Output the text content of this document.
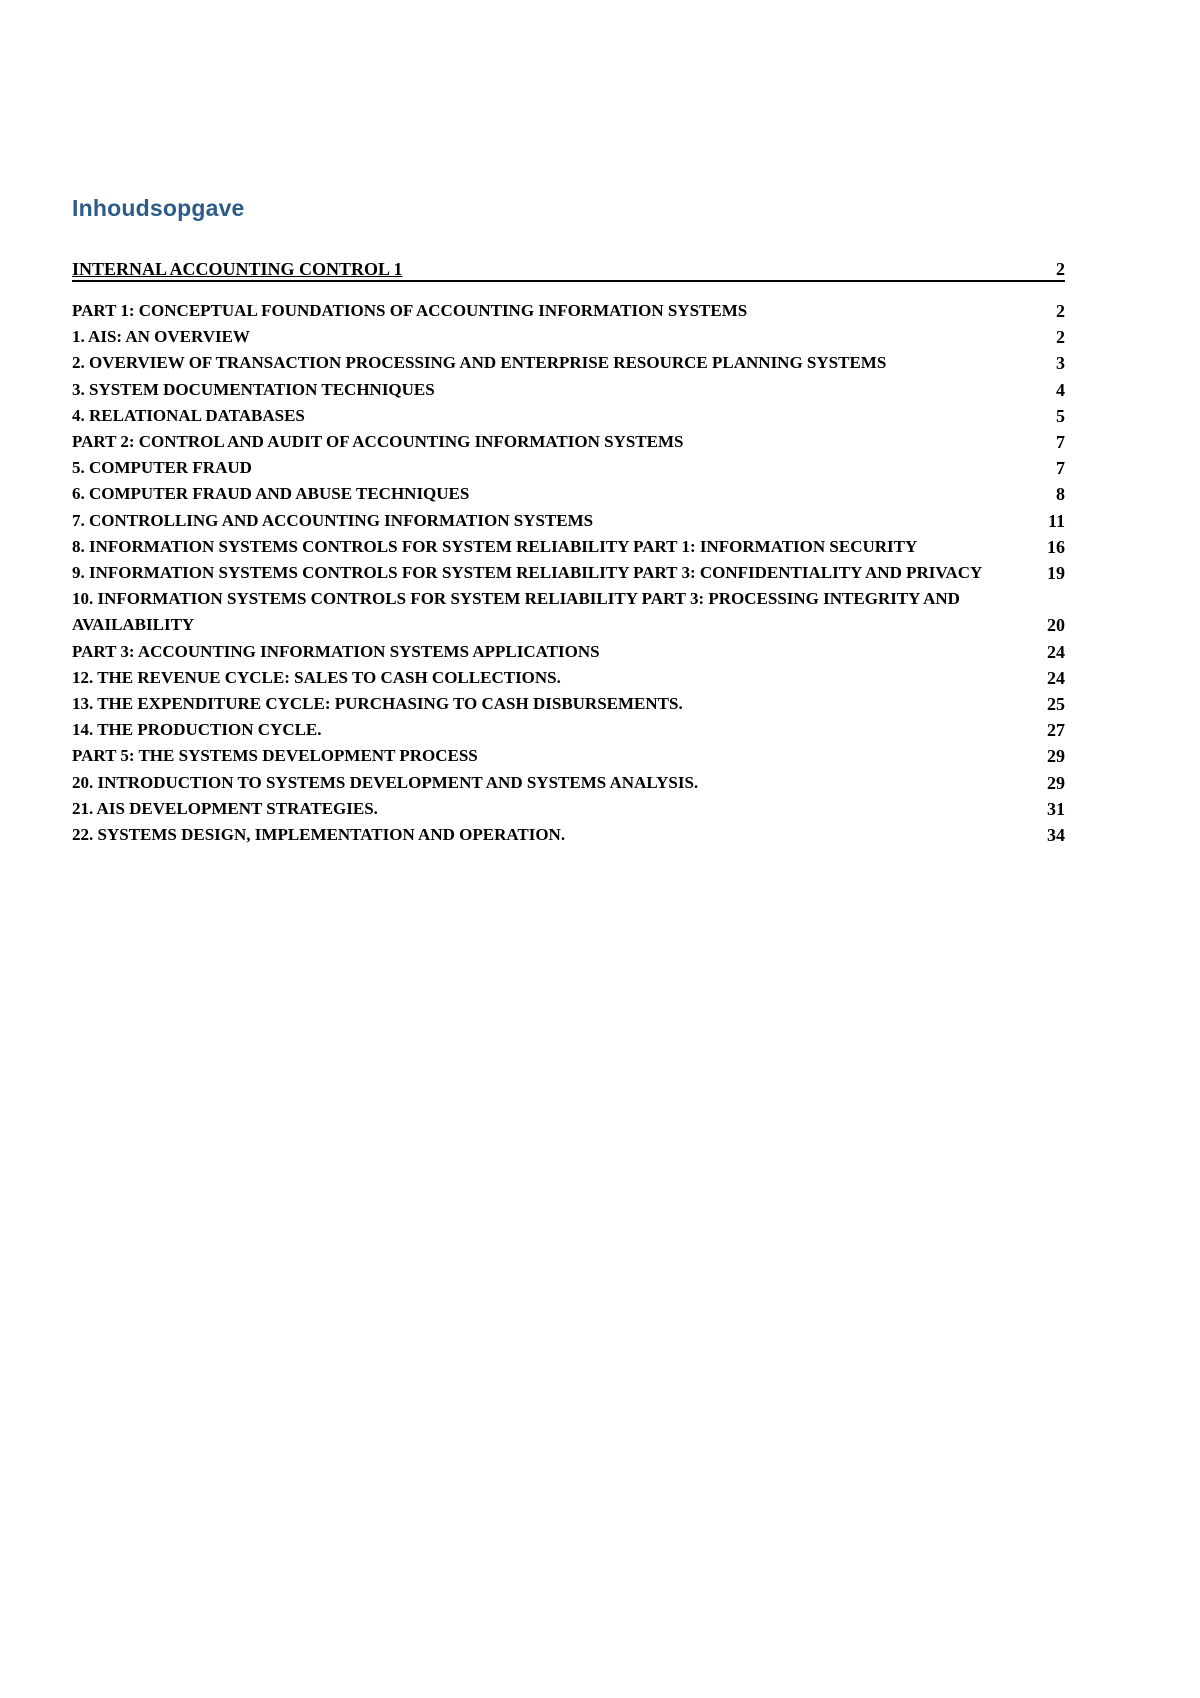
Inhoudsopgave
INTERNAL ACCOUNTING CONTROL 1	2
PART 1: CONCEPTUAL FOUNDATIONS OF ACCOUNTING INFORMATION SYSTEMS	2
1. AIS: AN OVERVIEW	2
2. OVERVIEW OF TRANSACTION PROCESSING AND ENTERPRISE RESOURCE PLANNING SYSTEMS	3
3. SYSTEM DOCUMENTATION TECHNIQUES	4
4. RELATIONAL DATABASES	5
PART 2: CONTROL AND AUDIT OF ACCOUNTING INFORMATION SYSTEMS	7
5. COMPUTER FRAUD	7
6. COMPUTER FRAUD AND ABUSE TECHNIQUES	8
7. CONTROLLING AND ACCOUNTING INFORMATION SYSTEMS	11
8. INFORMATION SYSTEMS CONTROLS FOR SYSTEM RELIABILITY PART 1: INFORMATION SECURITY	16
9. INFORMATION SYSTEMS CONTROLS FOR SYSTEM RELIABILITY PART 3: CONFIDENTIALITY AND PRIVACY	19
10. INFORMATION SYSTEMS CONTROLS FOR SYSTEM RELIABILITY PART 3: PROCESSING INTEGRITY AND
AVAILABILITY	20
PART 3: ACCOUNTING INFORMATION SYSTEMS APPLICATIONS	24
12. THE REVENUE CYCLE: SALES TO CASH COLLECTIONS.	24
13. THE EXPENDITURE CYCLE: PURCHASING TO CASH DISBURSEMENTS.	25
14. THE PRODUCTION CYCLE.	27
PART 5: THE SYSTEMS DEVELOPMENT PROCESS	29
20. INTRODUCTION TO SYSTEMS DEVELOPMENT AND SYSTEMS ANALYSIS.	29
21. AIS DEVELOPMENT STRATEGIES.	31
22. SYSTEMS DESIGN, IMPLEMENTATION AND OPERATION.	34
